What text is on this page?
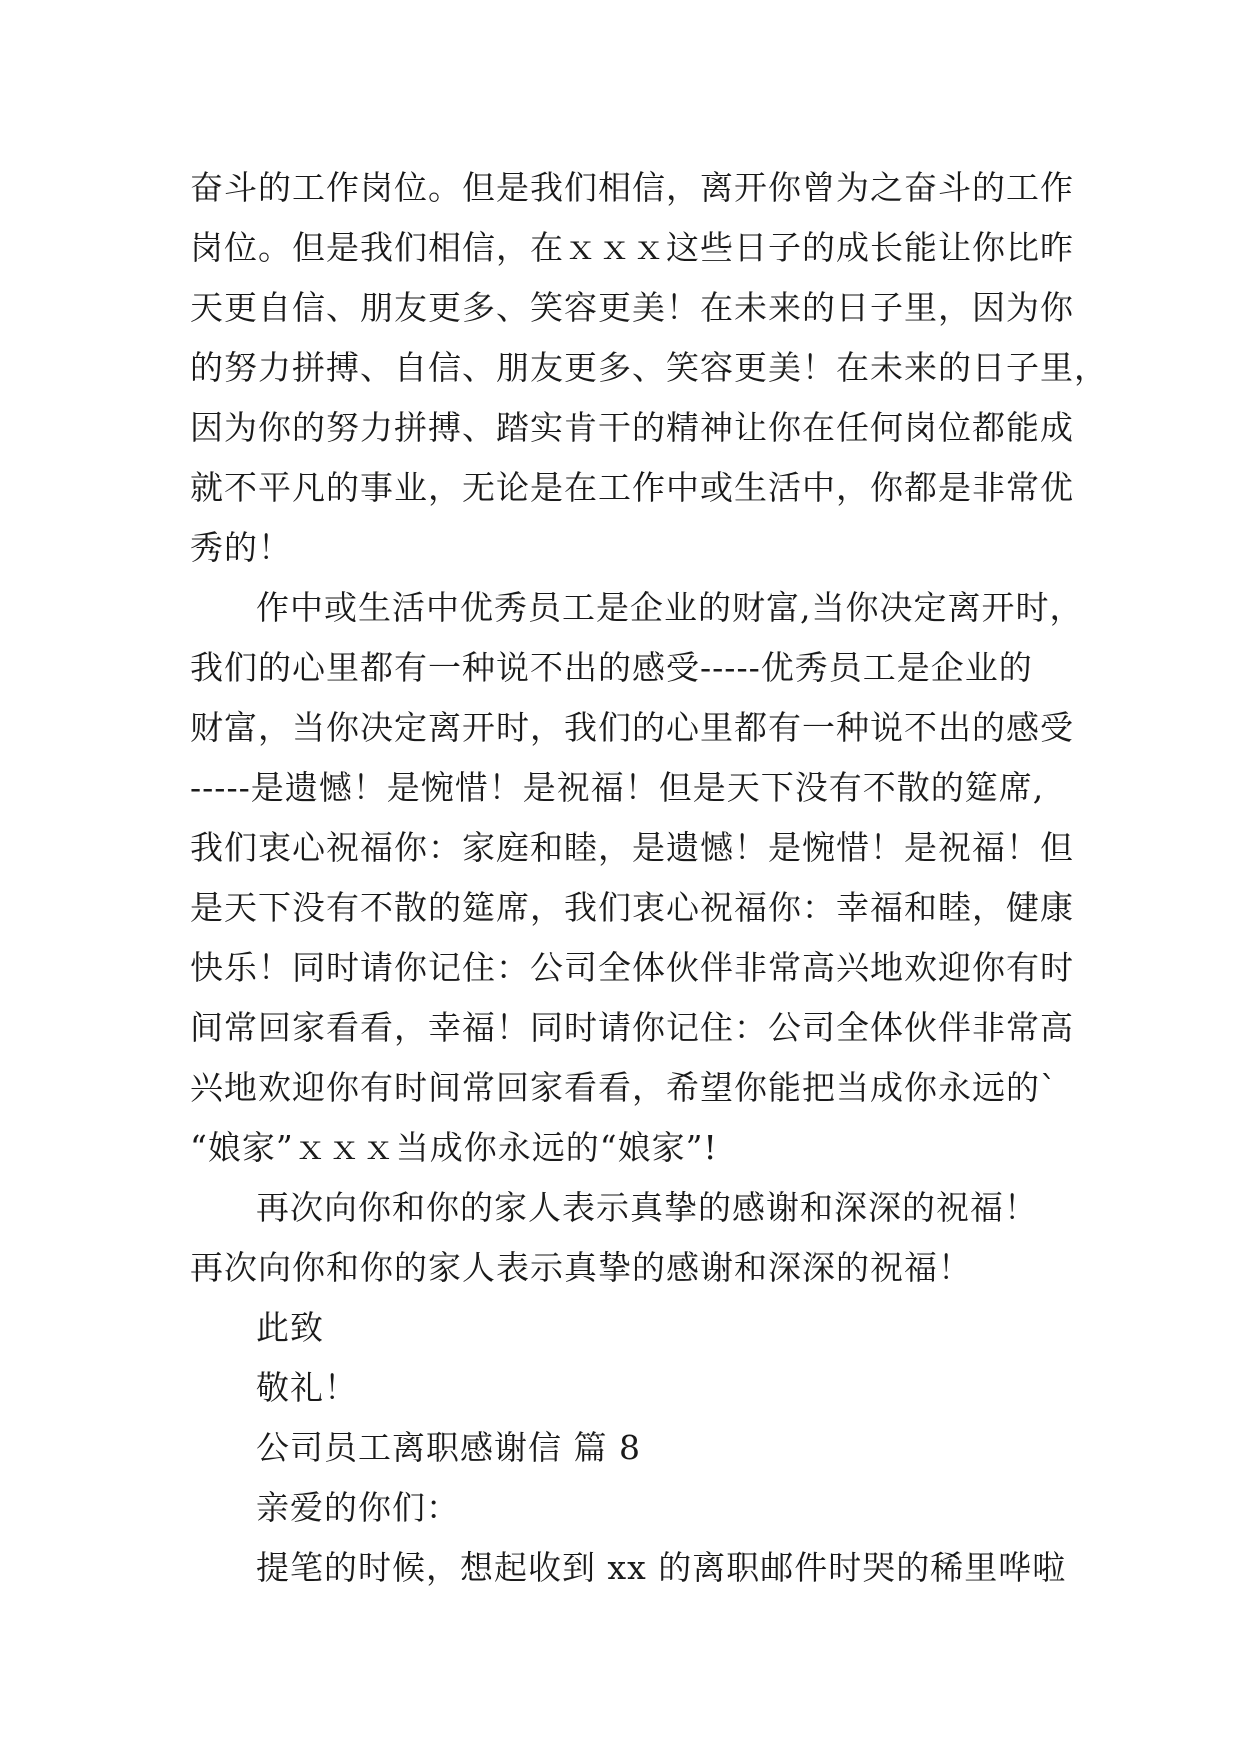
奋斗的工作岗位。但是我们相信，离开你曾为之奋斗的工作
岗位。但是我们相信，在ｘｘｘ这些日子的成长能让你比昨
天更自信、朋友更多、笑容更美！在未来的日子里，因为你
的努力拼搏、自信、朋友更多、笑容更美！在未来的日子里，
因为你的努力拼搏、踏实肯干的精神让你在任何岗位都能成
就不平凡的事业，无论是在工作中或生活中，你都是非常优
秀的！
作中或生活中优秀员工是企业的财富,当你决定离开时，
我们的心里都有一种说不出的感受-----优秀员工是企业的
财富，当你决定离开时，我们的心里都有一种说不出的感受
-----是遗憾！是惋惜！是祝福！但是天下没有不散的筵席,
我们衷心祝福你：家庭和睦，是遗憾！是惋惜！是祝福！但
是天下没有不散的筵席，我们衷心祝福你：幸福和睦，健康
快乐！同时请你记住：公司全体伙伴非常高兴地欢迎你有时
间常回家看看，幸福！同时请你记住：公司全体伙伴非常高
兴地欢迎你有时间常回家看看，希望你能把当成你永远的`
“娘家”ｘｘｘ当成你永远的“娘家”!
再次向你和你的家人表示真挚的感谢和深深的祝福！
再次向你和你的家人表示真挚的感谢和深深的祝福！
此致
敬礼！
公司员工离职感谢信 篇 8
亲爱的你们：
提笔的时候，想起收到 xx 的离职邮件时哭的稀里哗啦
